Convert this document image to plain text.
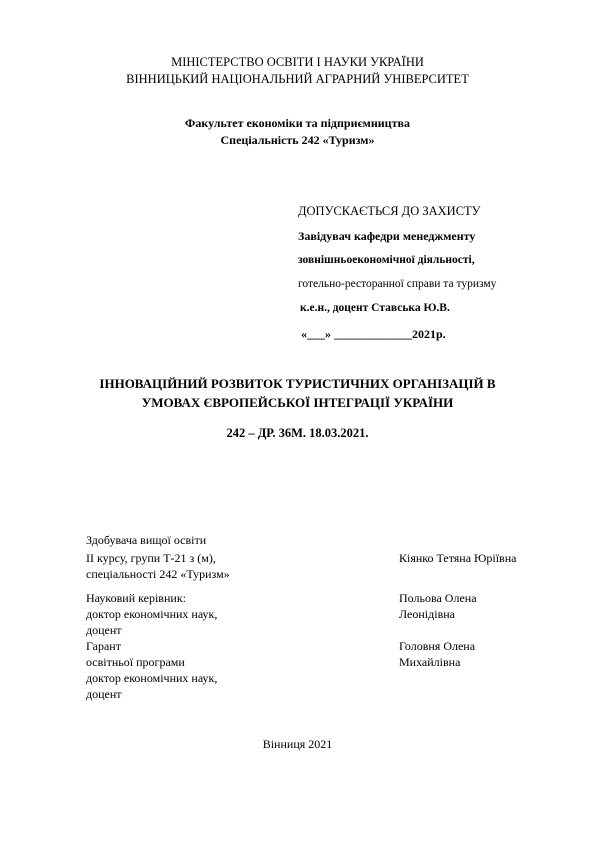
МІНІСТЕРСТВО ОСВІТИ І НАУКИ УКРАЇНИ
ВІННИЦЬКИЙ НАЦІОНАЛЬНИЙ АГРАРНИЙ УНІВЕРСИТЕТ
Факультет економіки та підприємництва
Спеціальність 242 «Туризм»
ДОПУСКАЄТЬСЯ ДО ЗАХИСТУ
Завідувач кафедри менеджменту
зовнішньоекономічної діяльності,
готельно-ресторанної справи та туризму
к.е.н., доцент Ставська Ю.В.
«___» _____________2021р.
ІННОВАЦІЙНИЙ РОЗВИТОК ТУРИСТИЧНИХ ОРГАНІЗАЦІЙ В
УМОВАХ ЄВРОПЕЙСЬКОЇ ІНТЕГРАЦІЇ УКРАЇНИ
242 – ДР. 36М. 18.03.2021.
Здобувача вищої освіти
ІІ курсу, групи Т-21 з (м),
спеціальності 242 «Туризм»
Кіянко Тетяна Юріївна
Науковий керівник:
доктор економічних наук,
доцент
Польова Олена
Леонідівна
Гарант
освітньої програми
доктор економічних наук,
доцент
Головня Олена
Михайлівна
Вінниця 2021
